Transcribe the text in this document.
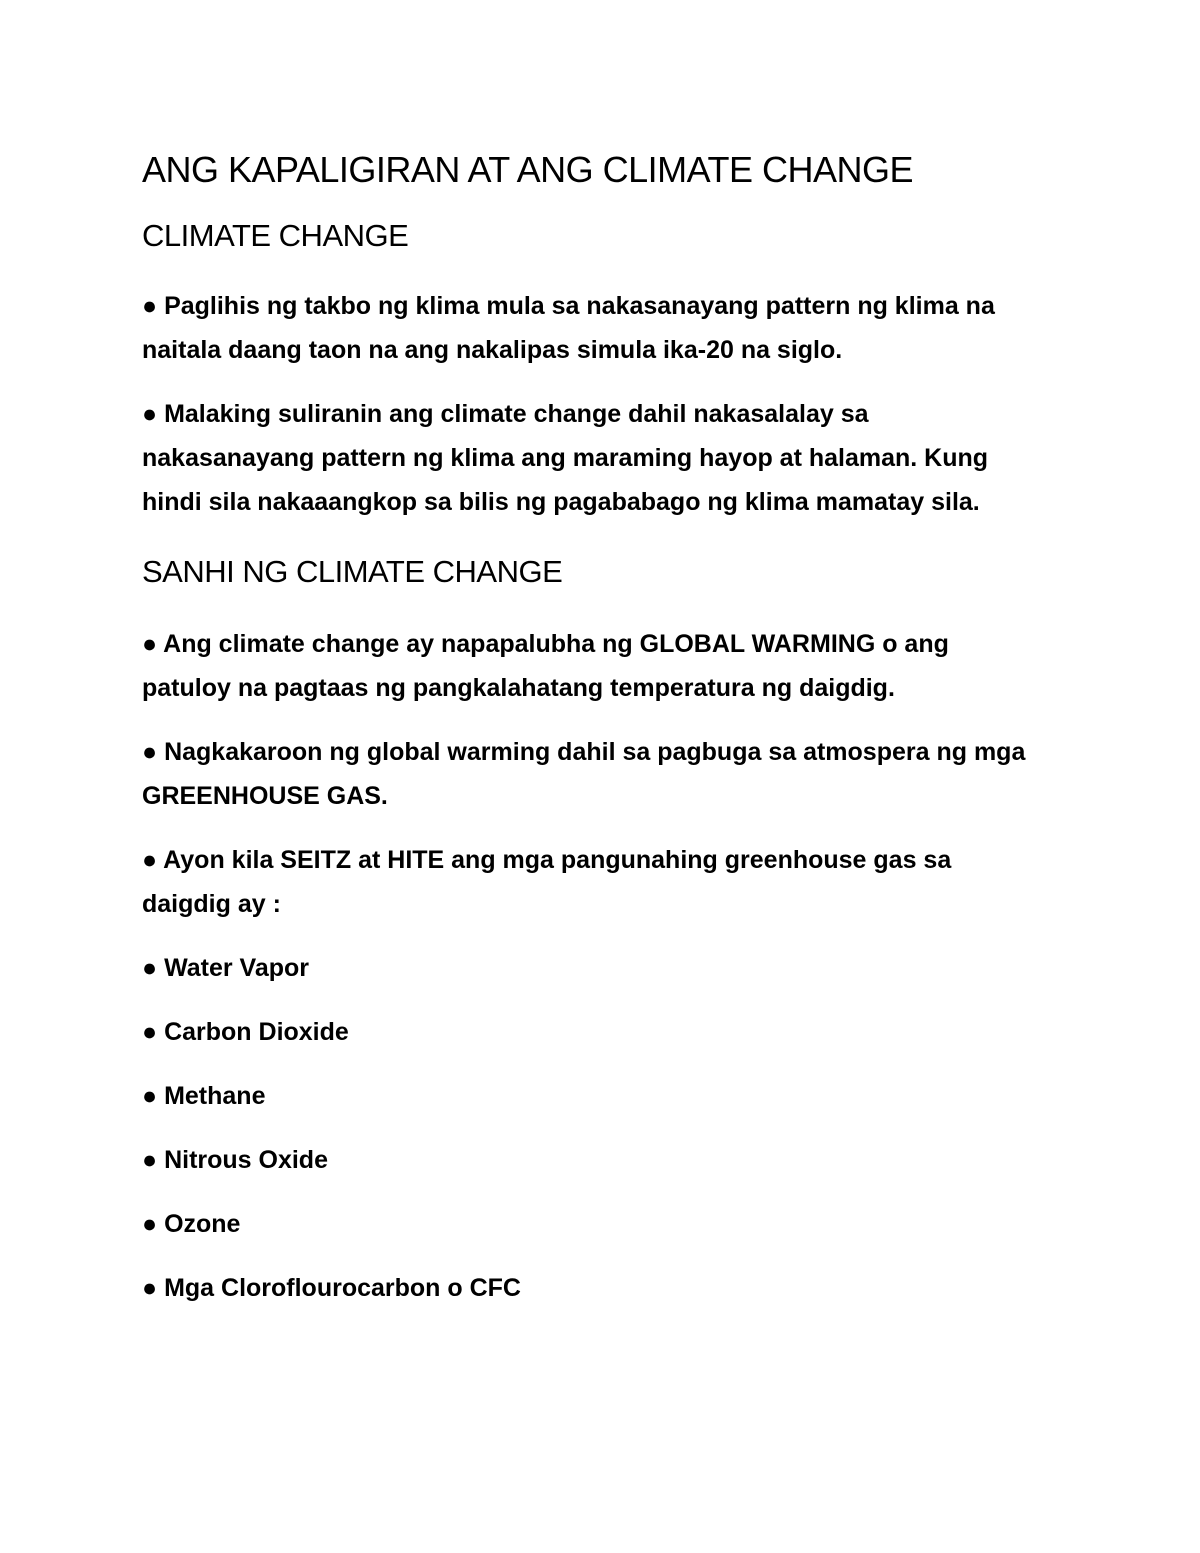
ANG KAPALIGIRAN AT ANG CLIMATE CHANGE
CLIMATE CHANGE

● Paglihis ng takbo ng klima mula sa nakasanayang pattern ng klima na naitala daang taon na ang nakalipas simula ika-20 na siglo.

● Malaking suliranin ang climate change dahil nakasalalay sa nakasanayang pattern ng klima ang maraming hayop at halaman. Kung hindi sila nakaaangkop sa bilis ng pagababago ng klima mamatay sila.

SANHI NG CLIMATE CHANGE

● Ang climate change ay napapalubha ng GLOBAL WARMING o ang patuloy na pagtaas ng pangkalahatang temperatura ng daigdig.

● Nagkakaroon ng global warming dahil sa pagbuga sa atmospera ng mga GREENHOUSE GAS.

● Ayon kila SEITZ at HITE ang mga pangunahing greenhouse gas sa daigdig ay :

● Water Vapor

● Carbon Dioxide

● Methane

● Nitrous Oxide

● Ozone

● Mga Cloroflourocarbon o CFC
